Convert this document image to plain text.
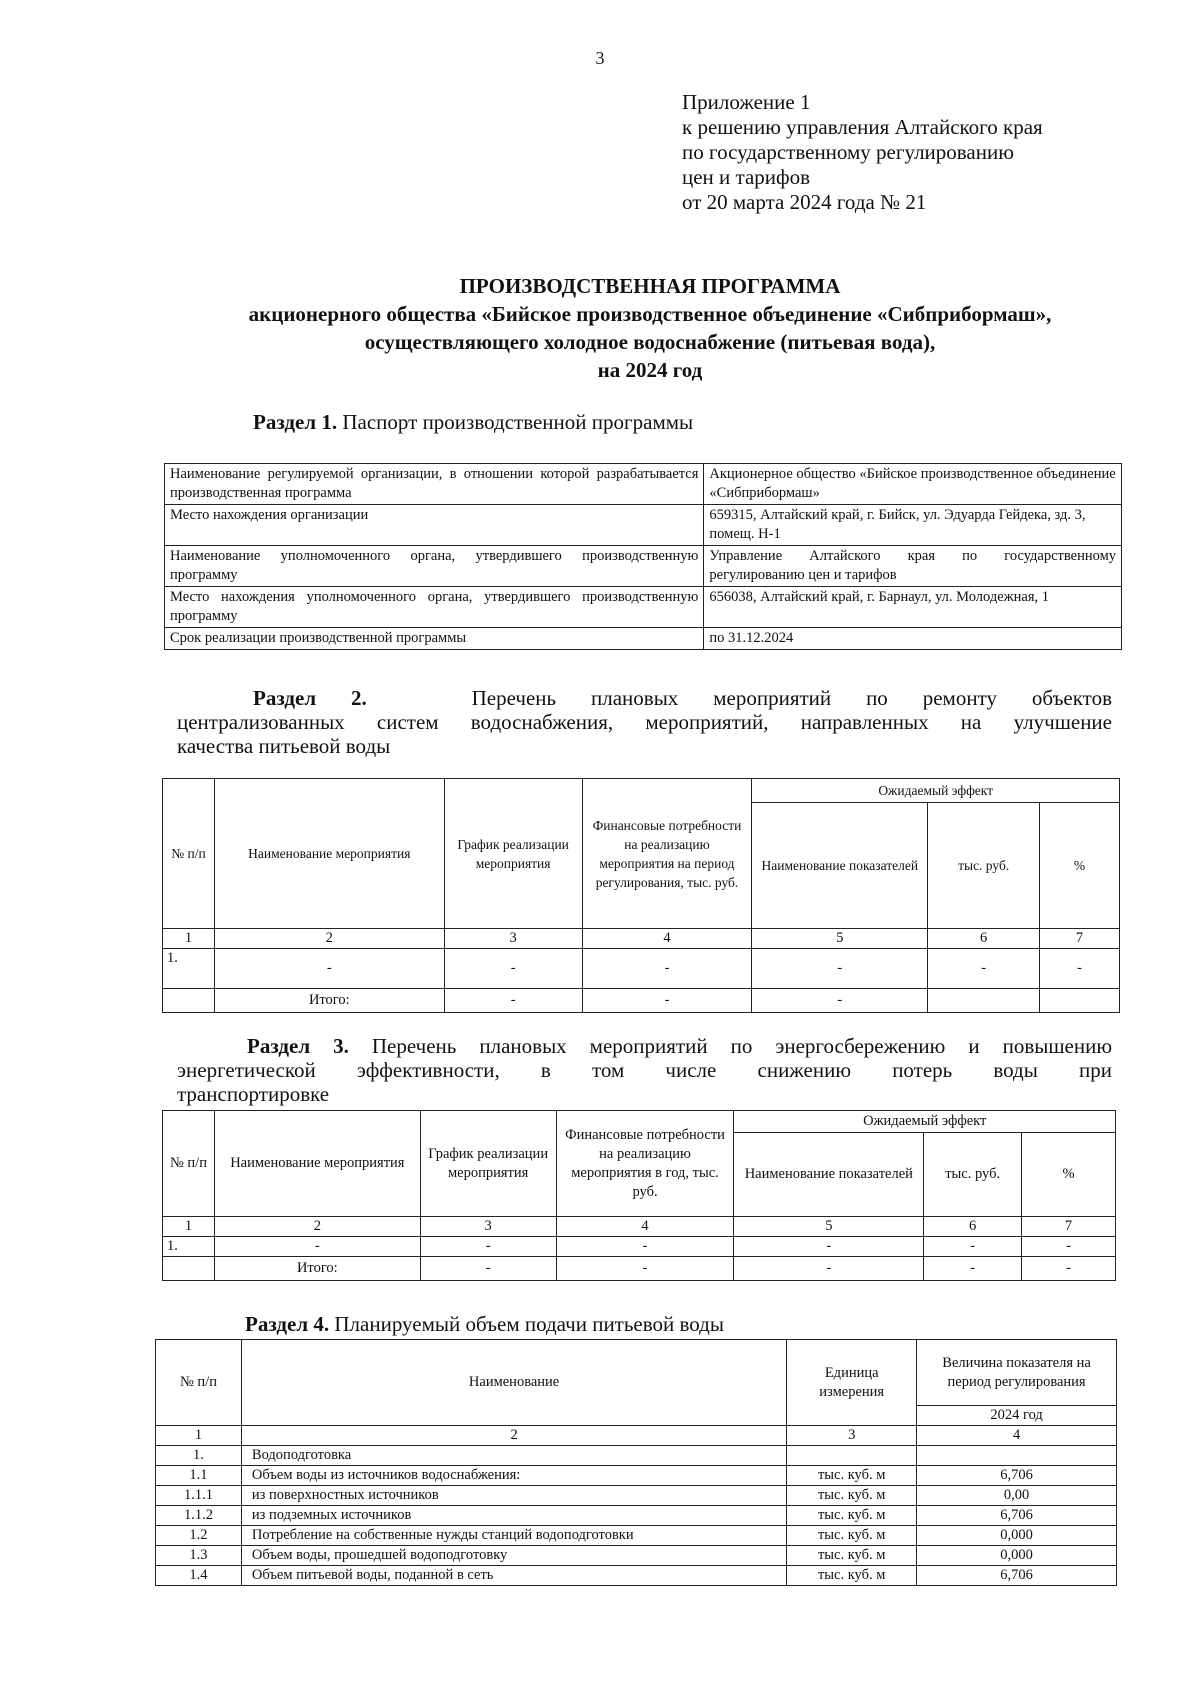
3
Приложение 1
к решению управления Алтайского края
по государственному регулированию
цен и тарифов
от 20 марта 2024 года № 21
ПРОИЗВОДСТВЕННАЯ ПРОГРАММА
акционерного общества «Бийское производственное объединение «Сибприбормаш»,
осуществляющего холодное водоснабжение (питьевая вода),
на 2024 год
Раздел 1. Паспорт производственной программы
Наименование регулируемой организации, в отношении которой разрабатывается производственная программа	Акционерное общество «Бийское производственное объединение «Сибприбормаш»
Место нахождения организации	659315, Алтайский край, г. Бийск, ул. Эдуарда Гейдека, зд. 3, помещ. Н-1
Наименование уполномоченного органа, утвердившего производственную программу	Управление Алтайского края по государственному регулированию цен и тарифов
Место нахождения уполномоченного органа, утвердившего производственную программу	656038, Алтайский край, г. Барнаул, ул. Молодежная, 1
Срок реализации производственной программы	по 31.12.2024
Раздел 2.	Перечень плановых мероприятий по ремонту объектов
централизованных систем водоснабжения, мероприятий, направленных на улучшение
качества питьевой воды
№ п/п	Наименование мероприятия	График реализации мероприятия	Финансовые потребности на реализацию мероприятия на период регулирования, тыс. руб.	Ожидаемый эффект		
				Наименование показателей	тыс. руб.	%
1	2	3	4	5	6	7
1.	-	-	-	-	-	-
	Итого:	-	-	-		
Раздел 3. Перечень плановых мероприятий по энергосбережению и повышению
энергетической эффективности, в том числе снижению потерь воды при
транспортировке
№ п/п	Наименование мероприятия	График реализации мероприятия	Финансовые потребности на реализацию мероприятия в год, тыс. руб.	Ожидаемый эффект		
				Наименование показателей	тыс. руб.	%
1	2	3	4	5	6	7
1.	-	-	-	-	-	-
	Итого:	-	-	-	-	-
Раздел 4. Планируемый объем подачи питьевой воды
№ п/п	Наименование	Единица измерения	Величина показателя на период регулирования
			2024 год
1	2	3	4
1.	Водоподготовка		
1.1	Объем воды из источников водоснабжения:	тыс. куб. м	6,706
1.1.1	из поверхностных источников	тыс. куб. м	0,00
1.1.2	из подземных источников	тыс. куб. м	6,706
1.2	Потребление на собственные нужды станций водоподготовки	тыс. куб. м	0,000
1.3	Объем воды, прошедшей водоподготовку	тыс. куб. м	0,000
1.4	Объем питьевой воды, поданной в сеть	тыс. куб. м	6,706
